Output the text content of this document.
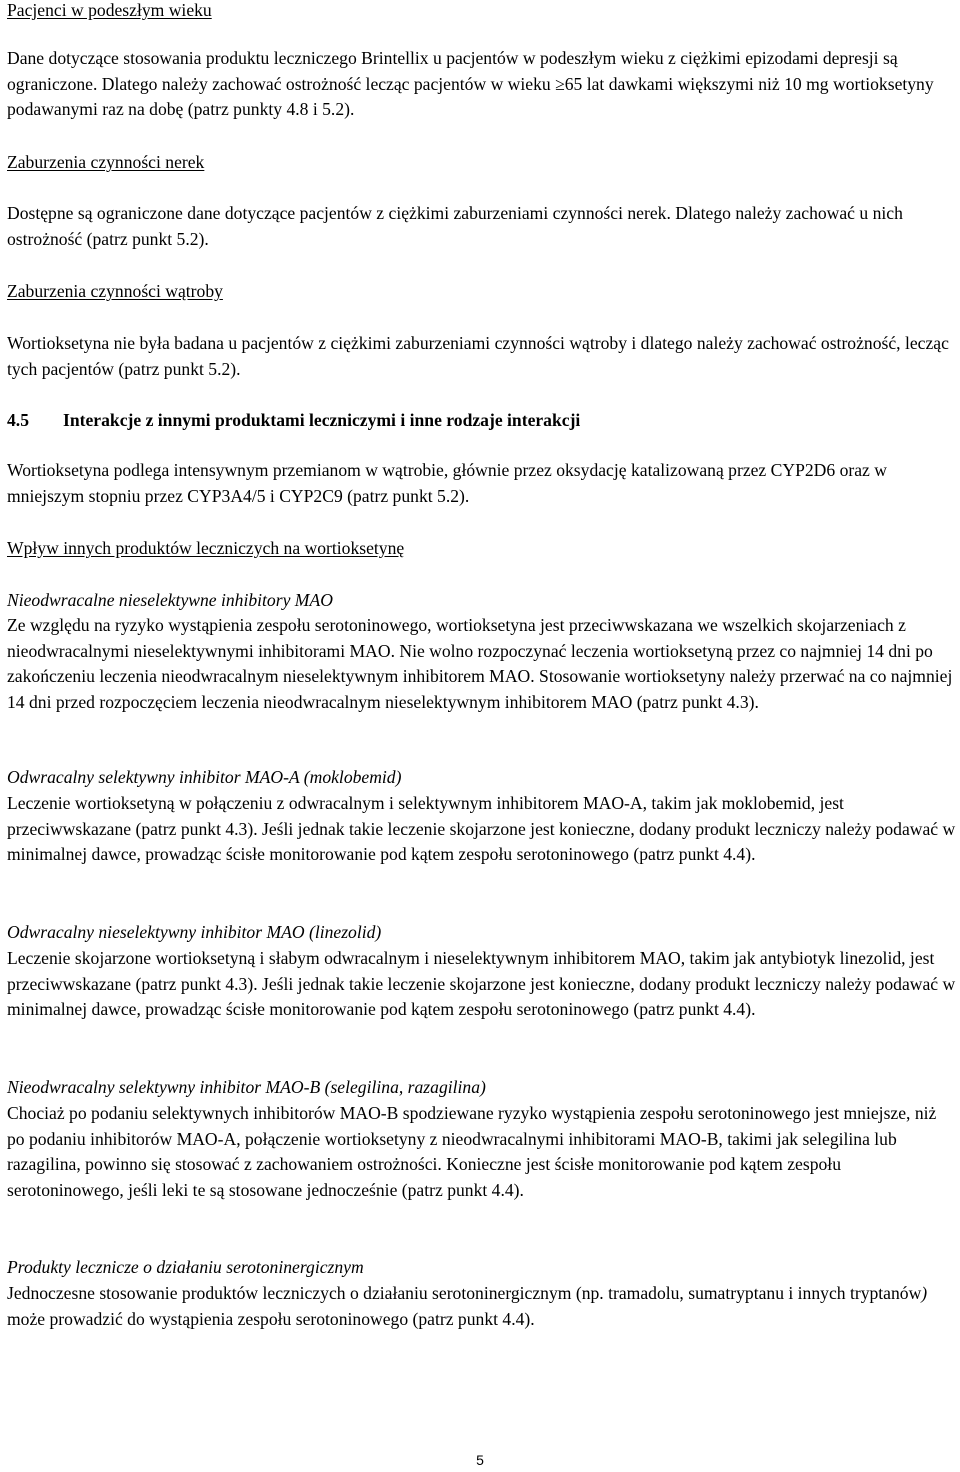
Pacjenci w podeszłym wieku

Dane dotyczące stosowania produktu leczniczego Brintellix u pacjentów w podeszłym wieku z ciężkimi epizodami depresji są ograniczone. Dlatego należy zachować ostrożność lecząc pacjentów w wieku ≥65 lat dawkami większymi niż 10 mg wortioksetyny podawanymi raz na dobę (patrz punkty 4.8 i 5.2).

Zaburzenia czynności nerek

Dostępne są ograniczone dane dotyczące pacjentów z ciężkimi zaburzeniami czynności nerek. Dlatego należy zachować u nich ostrożność (patrz punkt 5.2).

Zaburzenia czynności wątroby

Wortioksetyna nie była badana u pacjentów z ciężkimi zaburzeniami czynności wątroby i dlatego należy zachować ostrożność, lecząc tych pacjentów (patrz punkt 5.2).

4.5 Interakcje z innymi produktami leczniczymi i inne rodzaje interakcji

Wortioksetyna podlega intensywnym przemianom w wątrobie, głównie przez oksydację katalizowaną przez CYP2D6 oraz w mniejszym stopniu przez CYP3A4/5 i CYP2C9 (patrz punkt 5.2).

Wpływ innych produktów leczniczych na wortioksetynę

Nieodwracalne nieselektywne inhibitory MAO

Ze względu na ryzyko wystąpienia zespołu serotoninowego, wortioksetyna jest przeciwwskazana we wszelkich skojarzeniach z nieodwracalnymi nieselektywnymi inhibitorami MAO. Nie wolno rozpoczynać leczenia wortioksetyną przez co najmniej 14 dni po zakończeniu leczenia nieodwracalnym nieselektywnym inhibitorem MAO. Stosowanie wortioksetyny należy przerwać na co najmniej 14 dni przed rozpoczęciem leczenia nieodwracalnym nieselektywnym inhibitorem MAO (patrz punkt 4.3).

Odwracalny selektywny inhibitor MAO-A (moklobemid)

Leczenie wortioksetyną w połączeniu z odwracalnym i selektywnym inhibitorem MAO-A, takim jak moklobemid, jest przeciwwskazane (patrz punkt 4.3). Jeśli jednak takie leczenie skojarzone jest konieczne, dodany produkt leczniczy należy podawać w minimalnej dawce, prowadząc ścisłe monitorowanie pod kątem zespołu serotoninowego (patrz punkt 4.4).

Odwracalny nieselektywny inhibitor MAO (linezolid)

Leczenie skojarzone wortioksetyną i słabym odwracalnym i nieselektywnym inhibitorem MAO, takim jak antybiotyk linezolid, jest przeciwwskazane (patrz punkt 4.3). Jeśli jednak takie leczenie skojarzone jest konieczne, dodany produkt leczniczy należy podawać w minimalnej dawce, prowadząc ścisłe monitorowanie pod kątem zespołu serotoninowego (patrz punkt 4.4).

Nieodwracalny selektywny inhibitor MAO-B (selegilina, razagilina)

Chociaż po podaniu selektywnych inhibitorów MAO-B spodziewane ryzyko wystąpienia zespołu serotoninowego jest mniejsze, niż po podaniu inhibitorów MAO-A, połączenie wortioksetyny z nieodwracalnymi inhibitorami MAO-B, takimi jak selegilina lub razagilina, powinno się stosować z zachowaniem ostrożności. Konieczne jest ścisłe monitorowanie pod kątem zespołu serotoninowego, jeśli leki te są stosowane jednocześnie (patrz punkt 4.4).

Produkty lecznicze o działaniu serotoninergicznym

Jednoczesne stosowanie produktów leczniczych o działaniu serotoninergicznym (np. tramadolu, sumatryptanu i innych tryptanów) może prowadzić do wystąpienia zespołu serotoninowego (patrz punkt 4.4).

5
